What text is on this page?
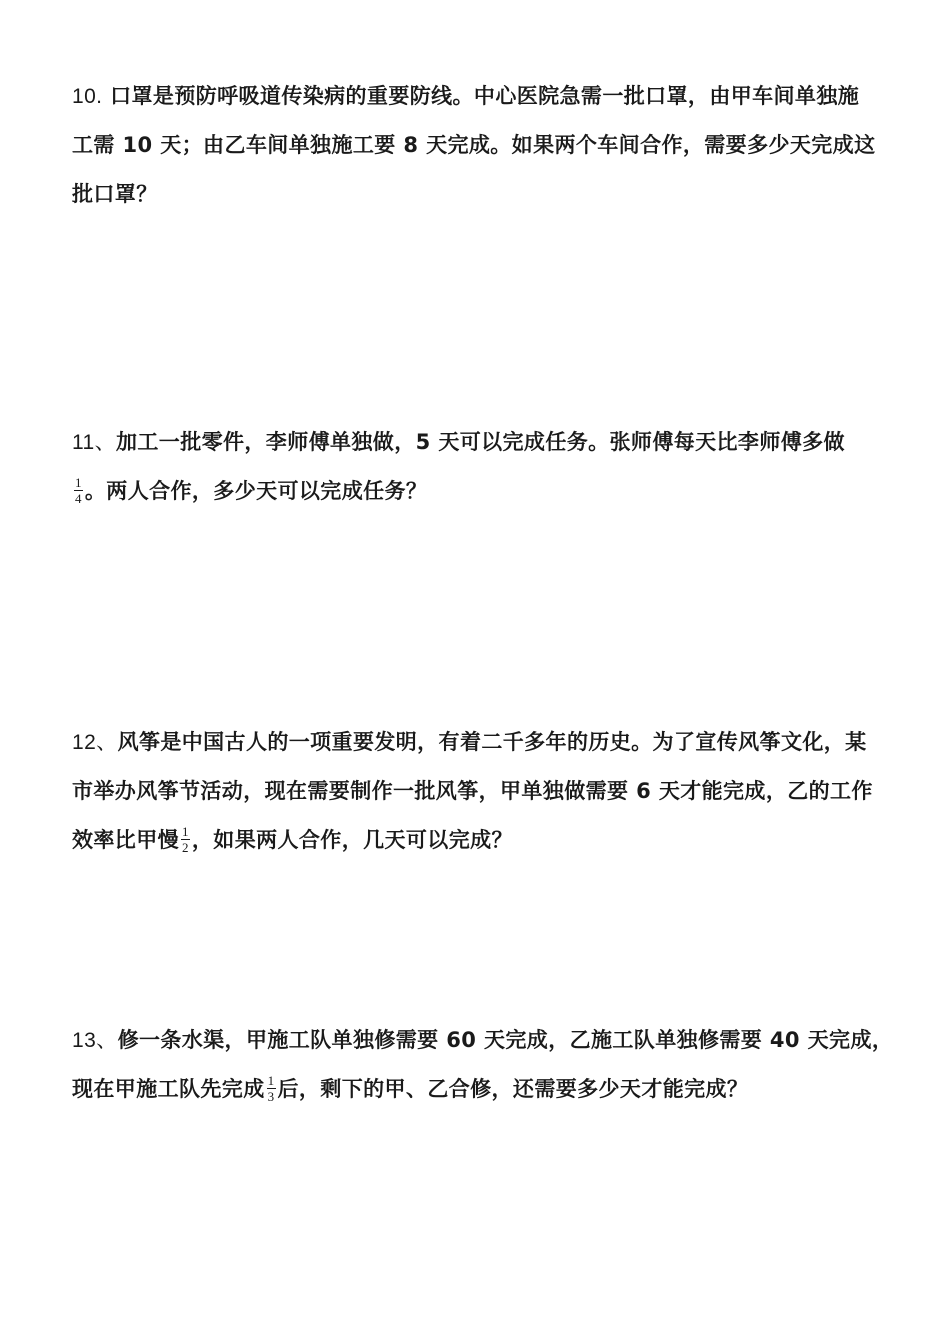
10. 口罩是预防呼吸道传染病的重要防线。中心医院急需一批口罩，由甲车间单独施
工需 10 天；由乙车间单独施工要 8 天完成。如果两个车间合作，需要多少天完成这
批口罩？
11、加工一批零件，李师傅单独做，5 天可以完成任务。张师傅每天比李师傅多做
$\frac{1}{4}$ 。两人合作，多少天可以完成任务？
12、风筝是中国古人的一项重要发明，有着二千多年的历史。为了宣传风筝文化，某
市举办风筝节活动，现在需要制作一批风筝，甲单独做需要 6 天才能完成，乙的工作
效率比甲慢 $\frac{1}{2}$ ，如果两人合作，几天可以完成？
13、修一条水渠，甲施工队单独修需要 60 天完成，乙施工队单独修需要 40 天完成，
现在甲施工队先完成 $\frac{1}{3}$ 后，剩下的甲、乙合修，还需要多少天才能完成？
